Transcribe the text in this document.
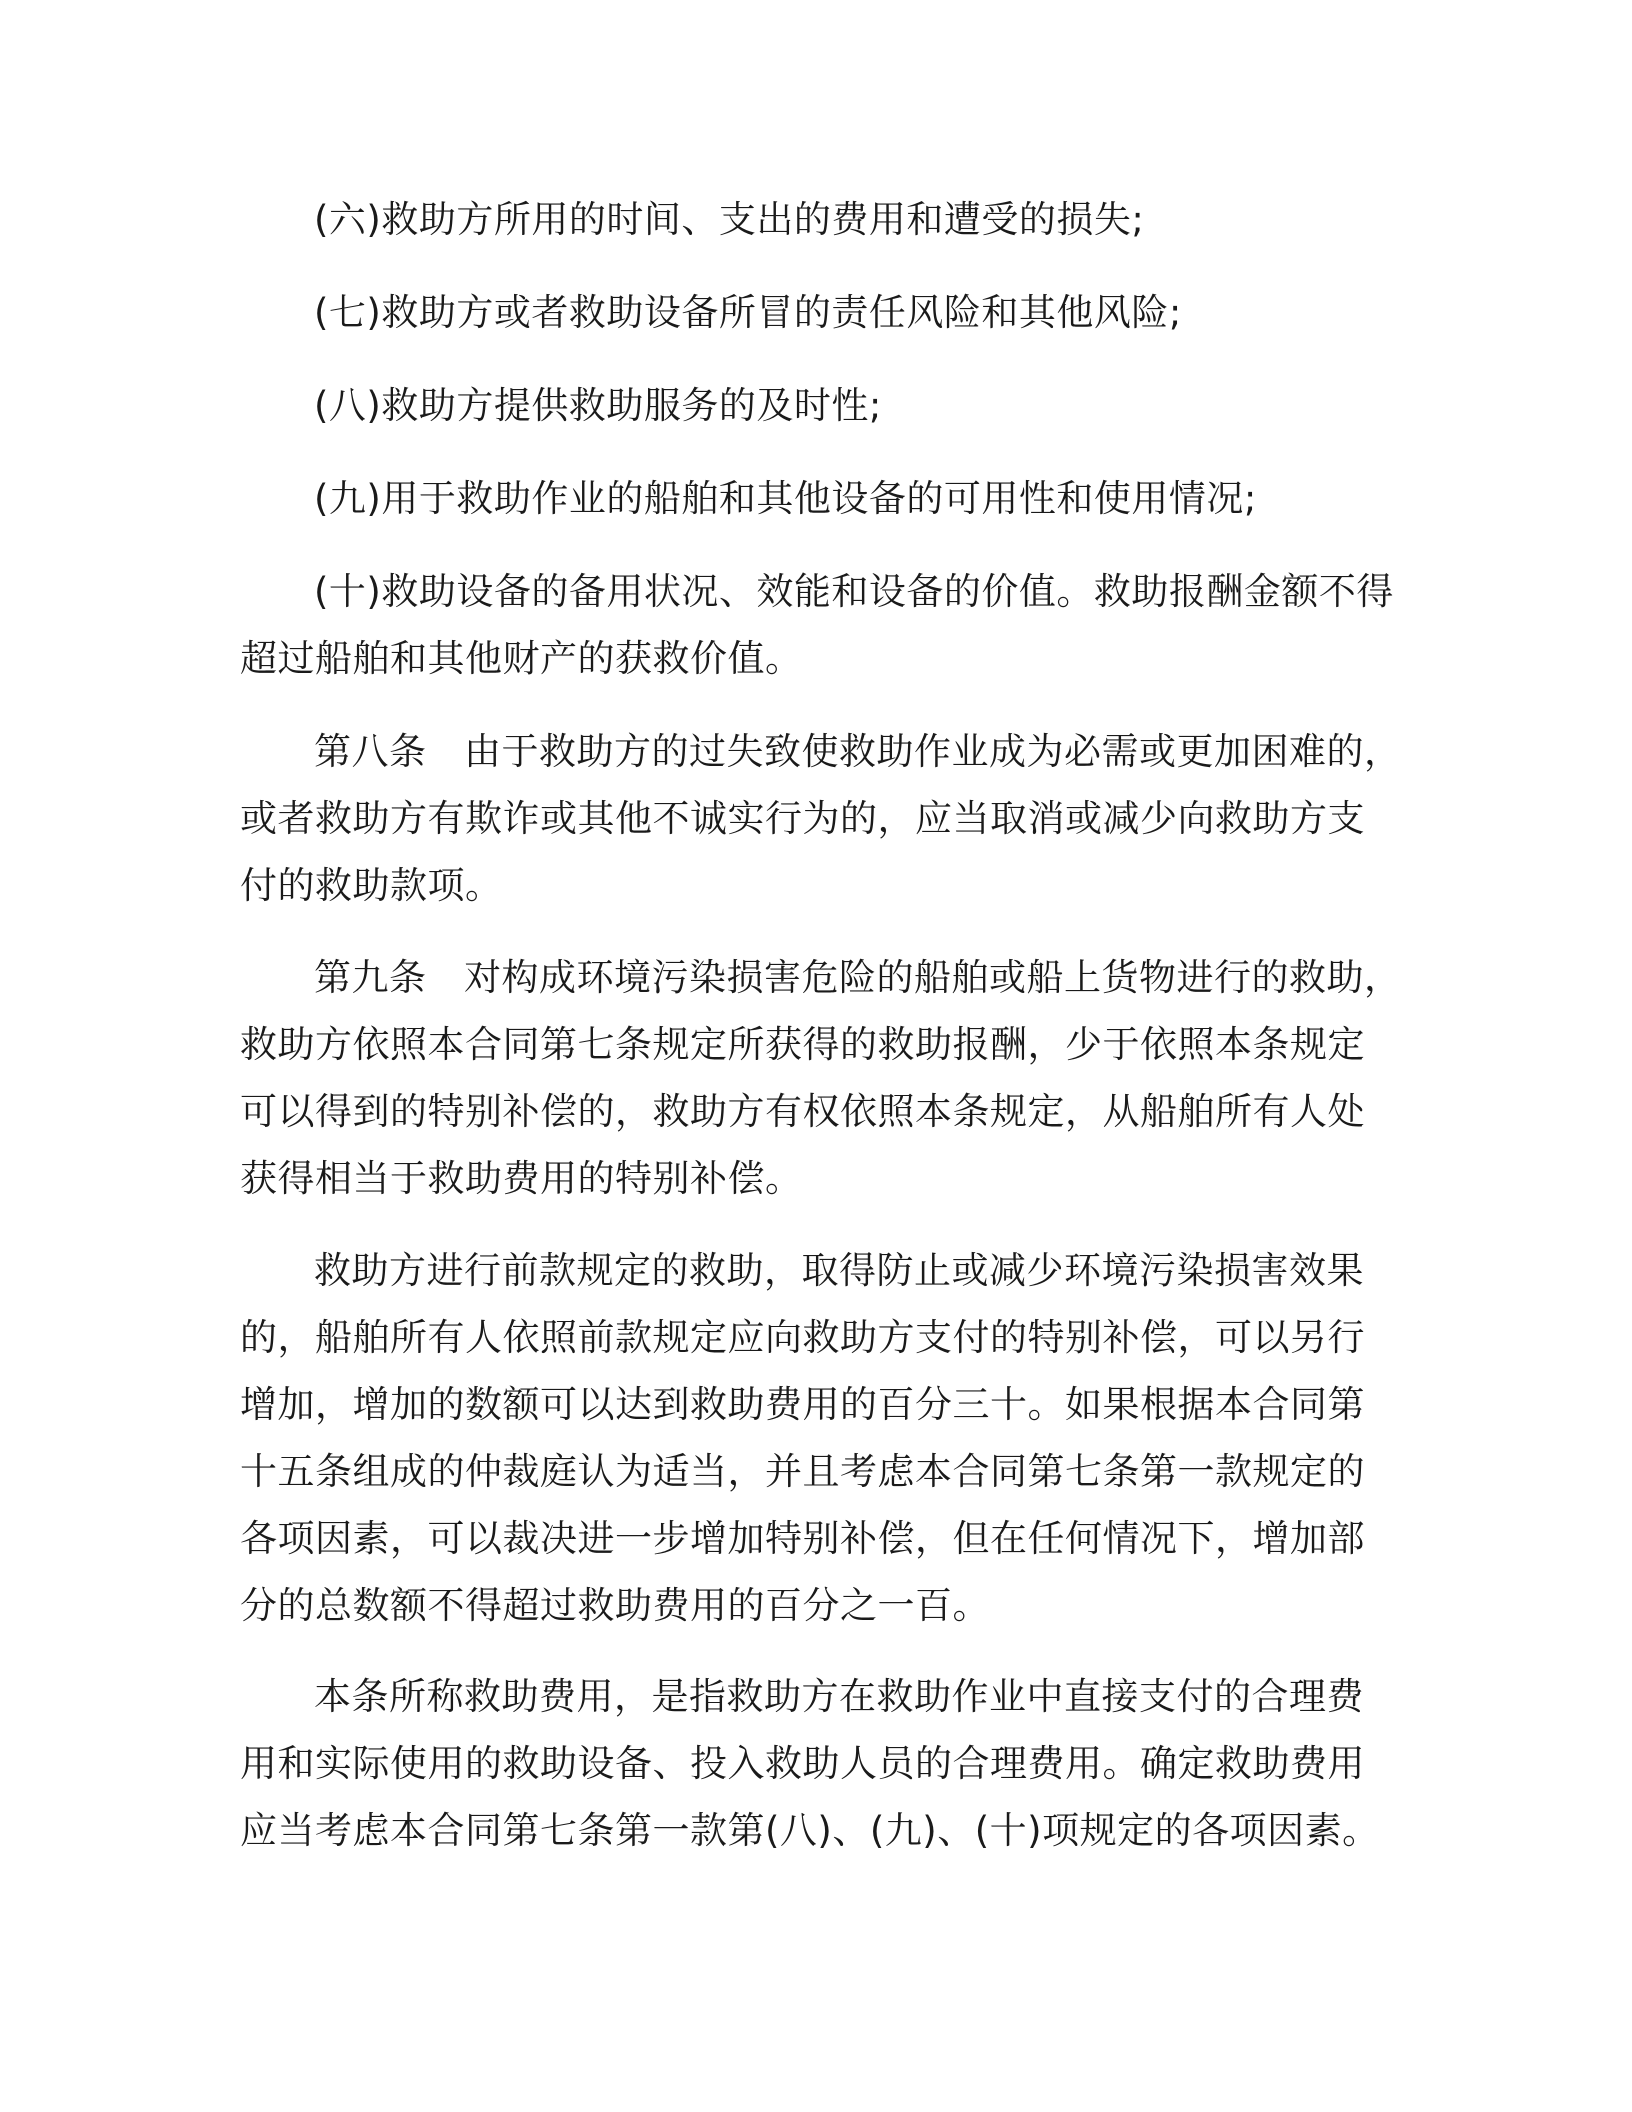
(六)救助方所用的时间、支出的费用和遭受的损失;

(七)救助方或者救助设备所冒的责任风险和其他风险;

(八)救助方提供救助服务的及时性;

(九)用于救助作业的船舶和其他设备的可用性和使用情况;

(十)救助设备的备用状况、效能和设备的价值。救助报酬金额不得
超过船舶和其他财产的获救价值。

第八条　由于救助方的过失致使救助作业成为必需或更加困难的，
或者救助方有欺诈或其他不诚实行为的，应当取消或减少向救助方支
付的救助款项。

第九条　对构成环境污染损害危险的船舶或船上货物进行的救助，
救助方依照本合同第七条规定所获得的救助报酬，少于依照本条规定
可以得到的特别补偿的，救助方有权依照本条规定，从船舶所有人处
获得相当于救助费用的特别补偿。

救助方进行前款规定的救助，取得防止或减少环境污染损害效果
的，船舶所有人依照前款规定应向救助方支付的特别补偿，可以另行
增加，增加的数额可以达到救助费用的百分三十。如果根据本合同第
十五条组成的仲裁庭认为适当，并且考虑本合同第七条第一款规定的
各项因素，可以裁决进一步增加特别补偿，但在任何情况下，增加部
分的总数额不得超过救助费用的百分之一百。

本条所称救助费用，是指救助方在救助作业中直接支付的合理费
用和实际使用的救助设备、投入救助人员的合理费用。确定救助费用
应当考虑本合同第七条第一款第(八)、(九)、(十)项规定的各项因素。
